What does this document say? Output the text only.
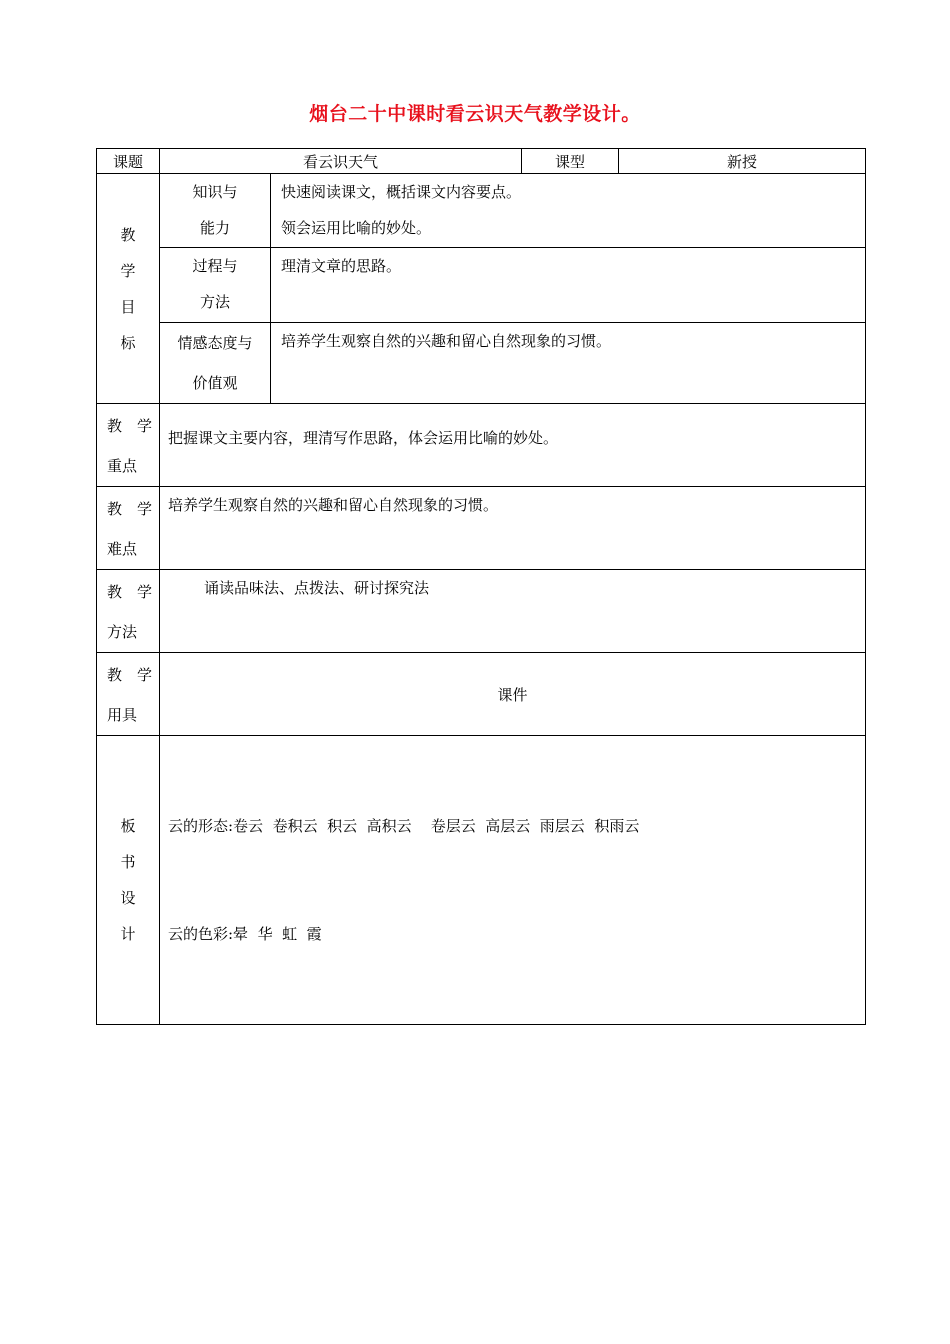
烟台二十中课时看云识天气教学设计。
课题	看云识天气		课型	新授

教
学
目
标	知识与
能力	快速阅读课文，概括课文内容要点。
领会运用比喻的妙处。		

	过程与
方法	理清文章的思路。		

	情感态度与
价值观	培养学生观察自然的兴趣和留心自然现象的习惯。		

教　学
重点	把握课文主要内容，理清写作思路，体会运用比喻的妙处。			

教　学
难点	培养学生观察自然的兴趣和留心自然现象的习惯。			

教　学
方法	诵读品味法、点拨法、研讨探究法			

教　学
用具	课件			

板
书
设
计	云的形态:卷云  卷积云  积云  高积云    卷层云  高层云  雨层云  积雨云

云的色彩:晕  华  虹  霞			
